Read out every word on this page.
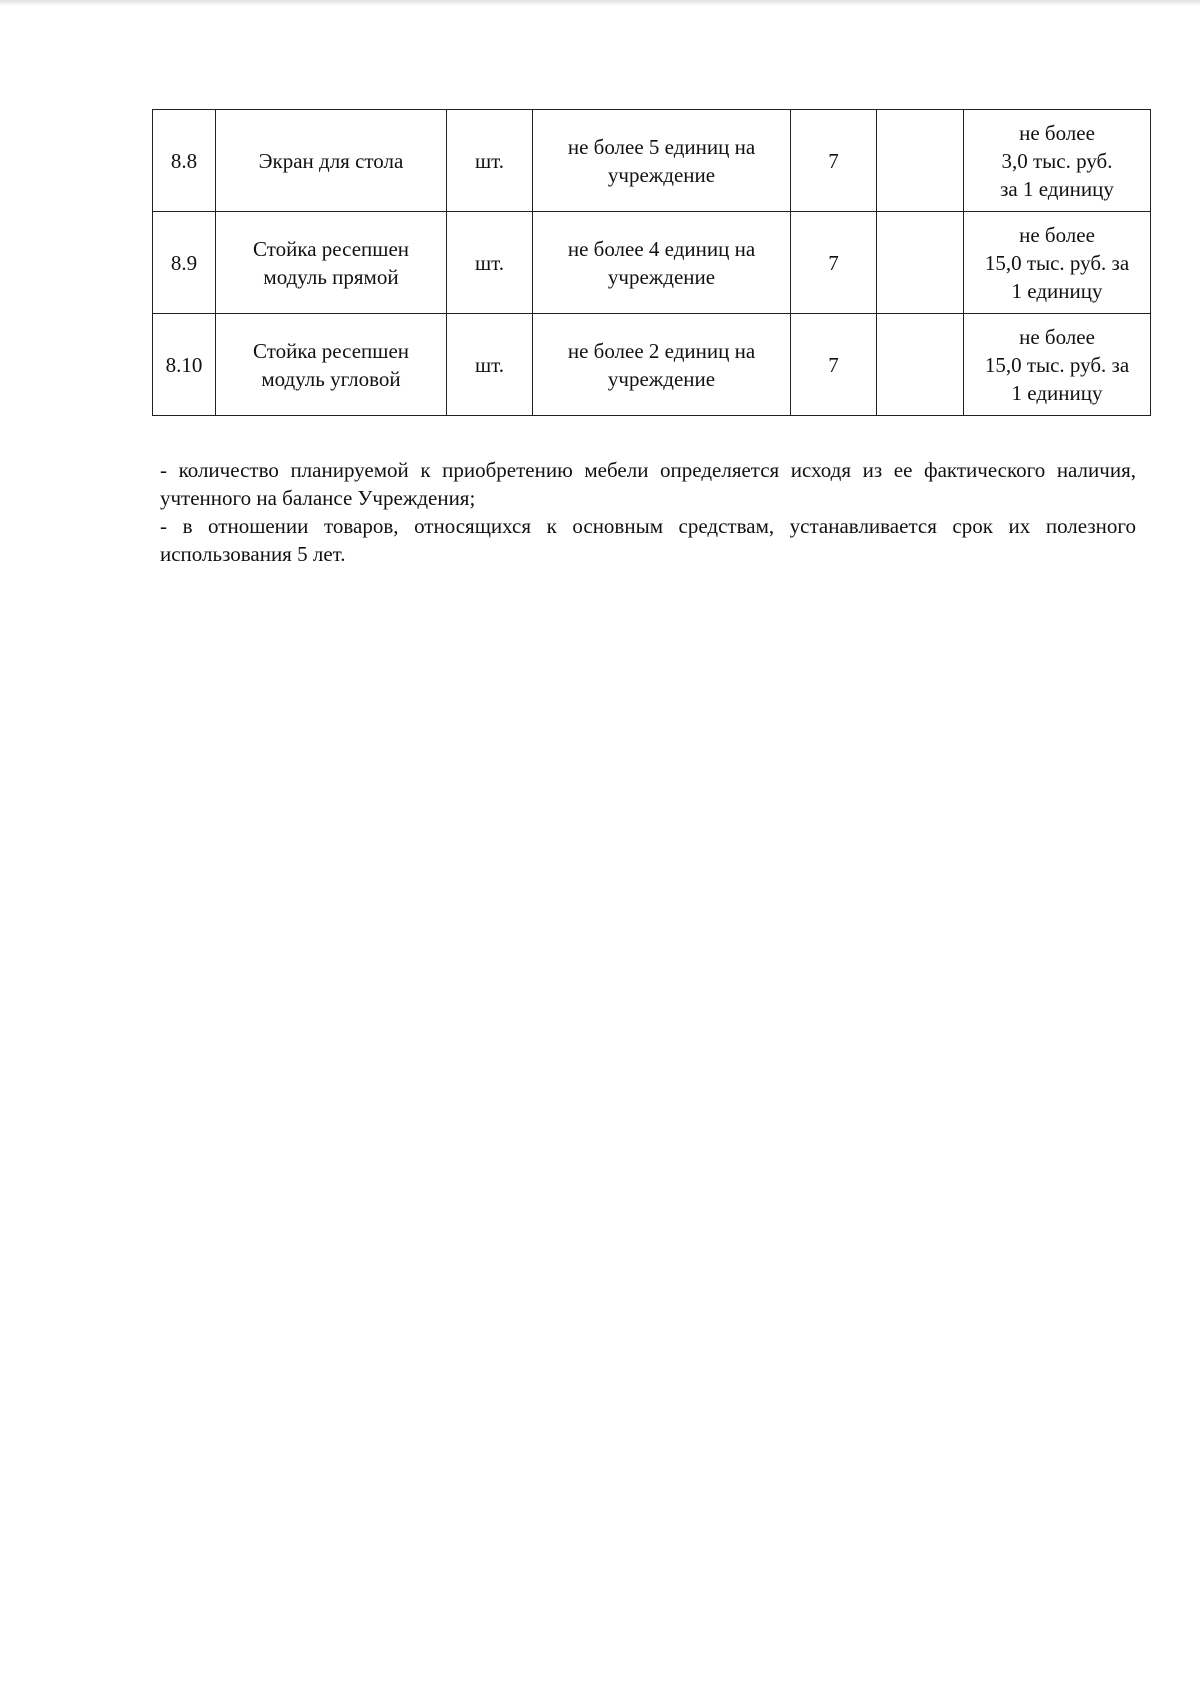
8.8	Экран для стола	шт.	не более 5 единиц на
учреждение	7		не более
3,0 тыс. руб.
за 1 единицу

8.9	Стойка ресепшен
модуль прямой	шт.	не более 4 единиц на
учреждение	7		не более
15,0 тыс. руб. за
1 единицу

8.10	Стойка ресепшен
модуль угловой	шт.	не более 2 единиц на
учреждение	7		не более
15,0 тыс. руб. за
1 единицу

- количество планируемой к приобретению мебели определяется исходя из ее фактического наличия, учтенного на балансе Учреждения;

- в отношении товаров, относящихся к основным средствам, устанавливается срок их полезного использования 5 лет.
